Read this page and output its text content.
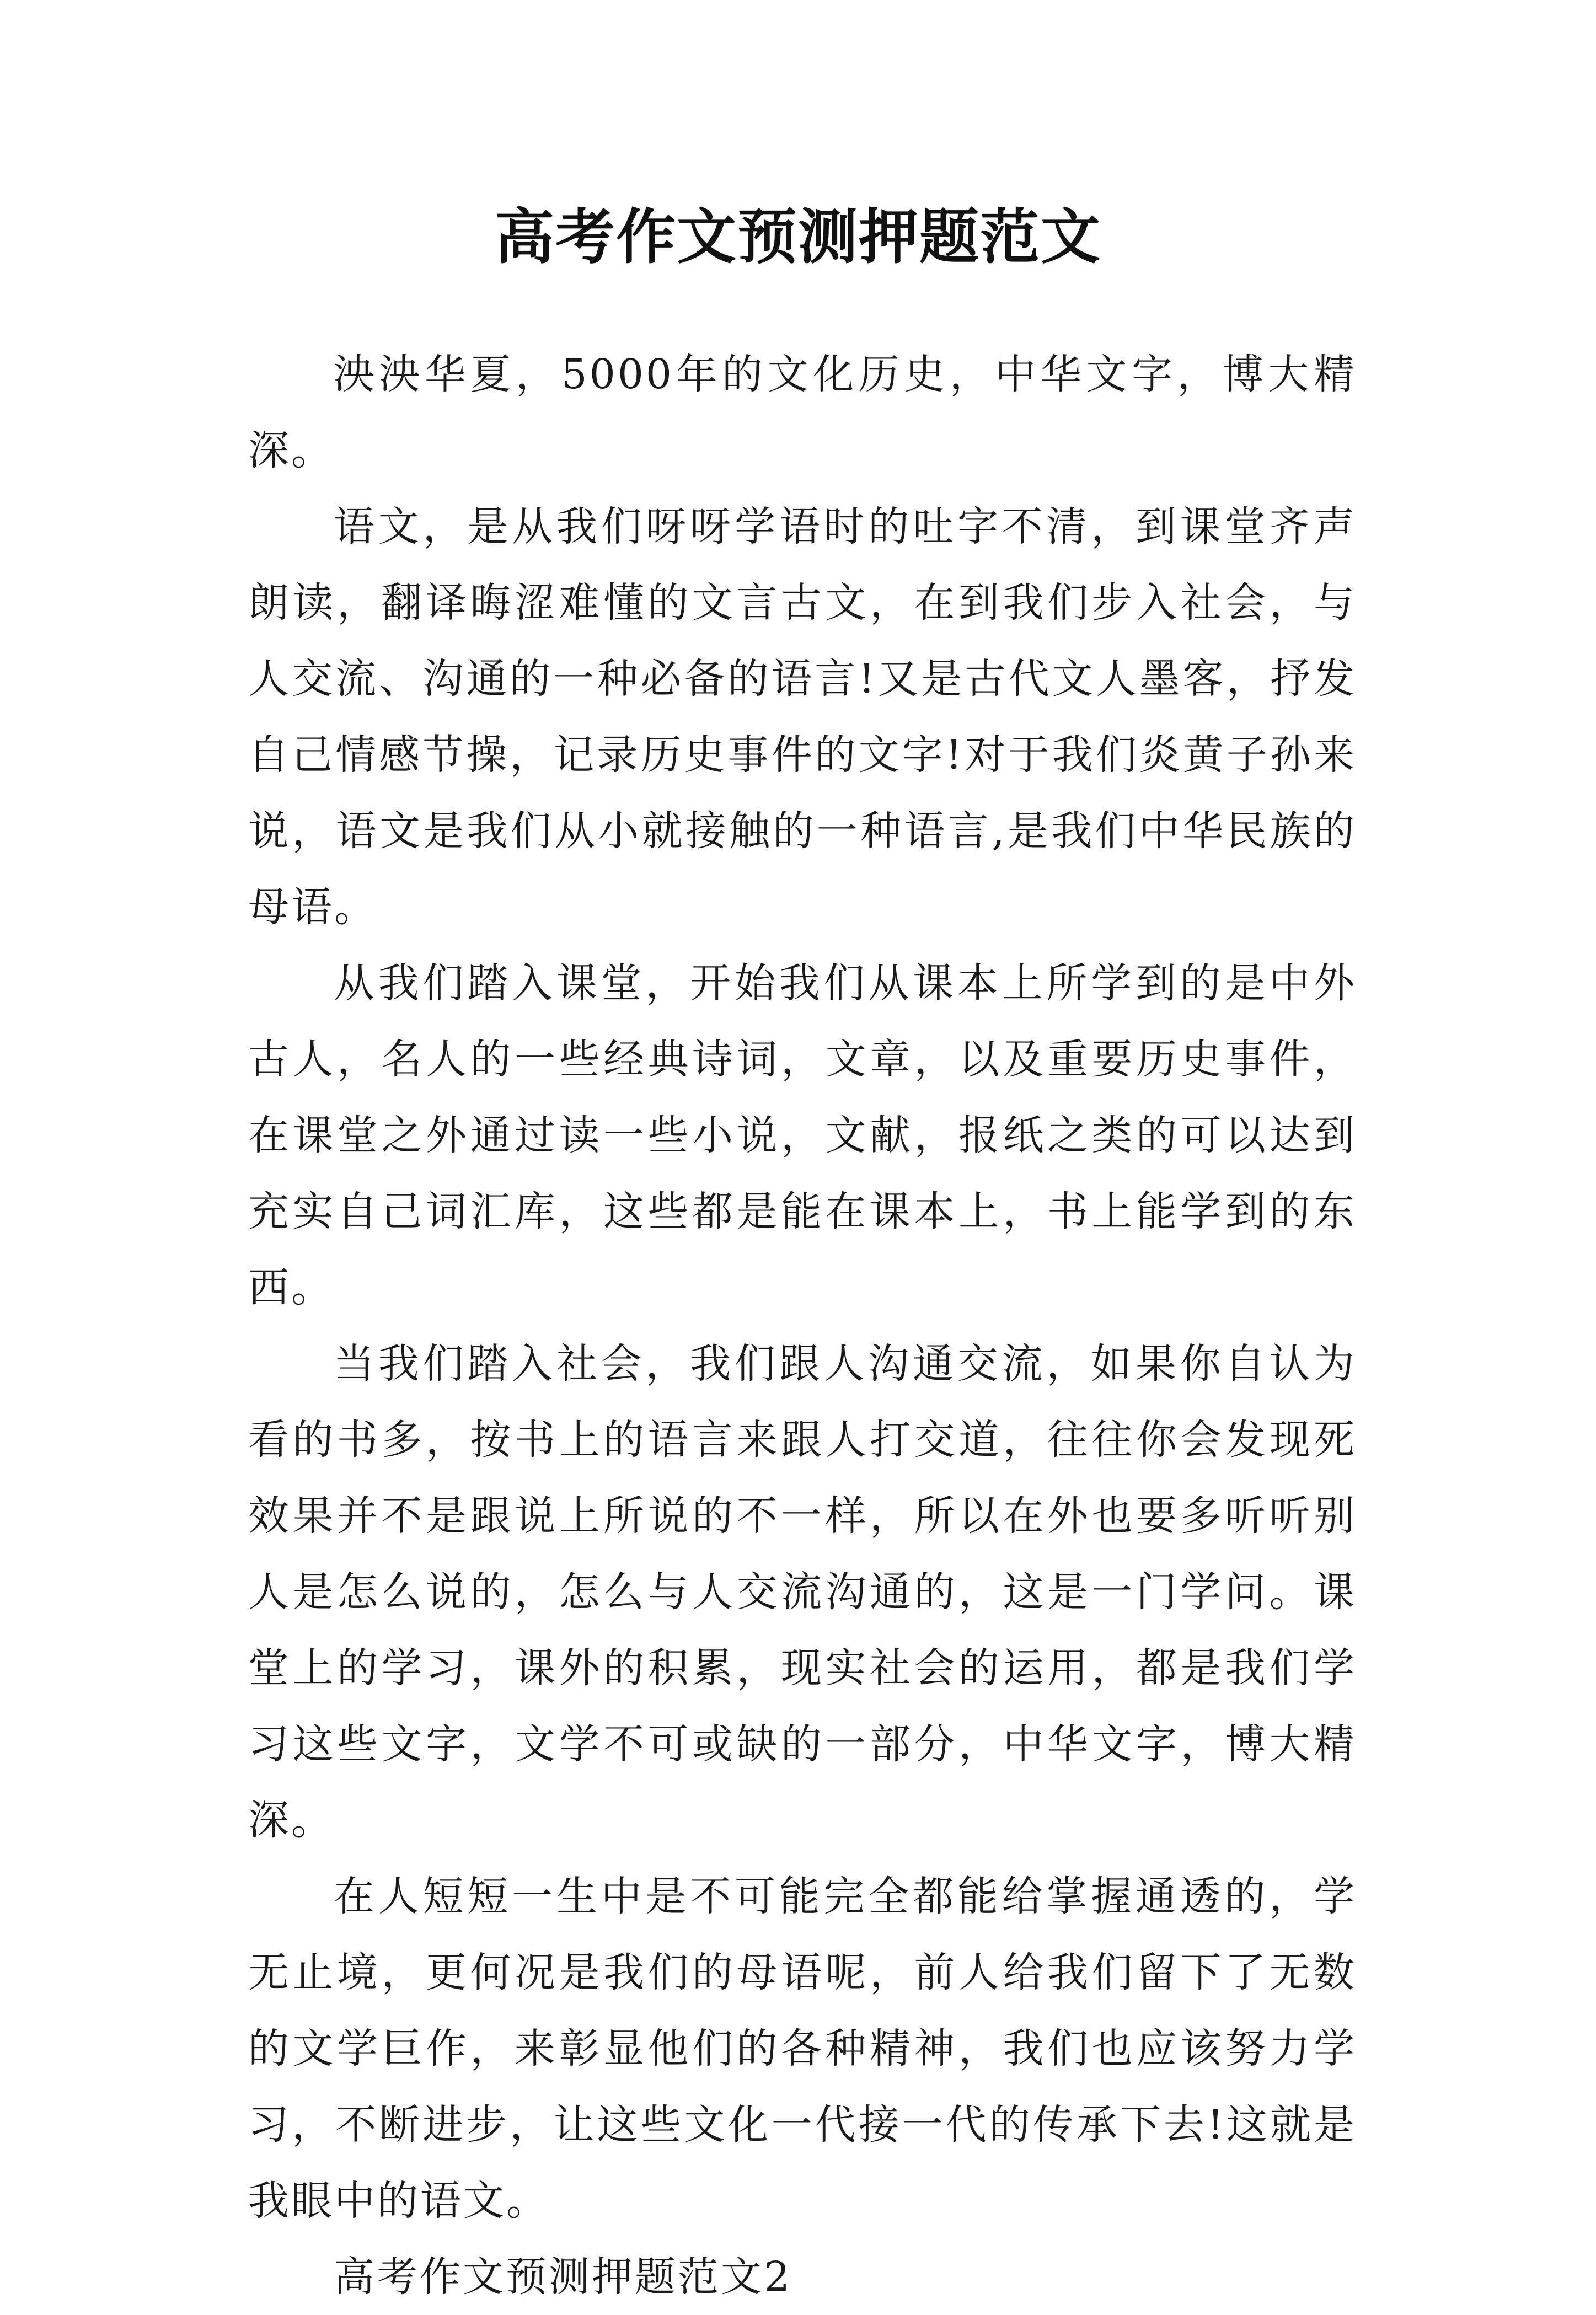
高考作文预测押题范文

泱泱华夏，5000年的文化历史，中华文字，博大精深。

语文，是从我们呀呀学语时的吐字不清，到课堂齐声朗读，翻译晦涩难懂的文言古文，在到我们步入社会，与人交流、沟通的一种必备的语言!又是古代文人墨客，抒发自己情感节操，记录历史事件的文字!对于我们炎黄子孙来说，语文是我们从小就接触的一种语言,是我们中华民族的母语。

从我们踏入课堂，开始我们从课本上所学到的是中外古人，名人的一些经典诗词，文章，以及重要历史事件，在课堂之外通过读一些小说，文献，报纸之类的可以达到充实自己词汇库，这些都是能在课本上，书上能学到的东西。

当我们踏入社会，我们跟人沟通交流，如果你自认为看的书多，按书上的语言来跟人打交道，往往你会发现死效果并不是跟说上所说的不一样，所以在外也要多听听别人是怎么说的，怎么与人交流沟通的，这是一门学问。课堂上的学习，课外的积累，现实社会的运用，都是我们学习这些文字，文学不可或缺的一部分，中华文字，博大精深。

在人短短一生中是不可能完全都能给掌握通透的，学无止境，更何况是我们的母语呢，前人给我们留下了无数的文学巨作，来彰显他们的各种精神，我们也应该努力学习，不断进步，让这些文化一代接一代的传承下去!这就是我眼中的语文。

高考作文预测押题范文2
